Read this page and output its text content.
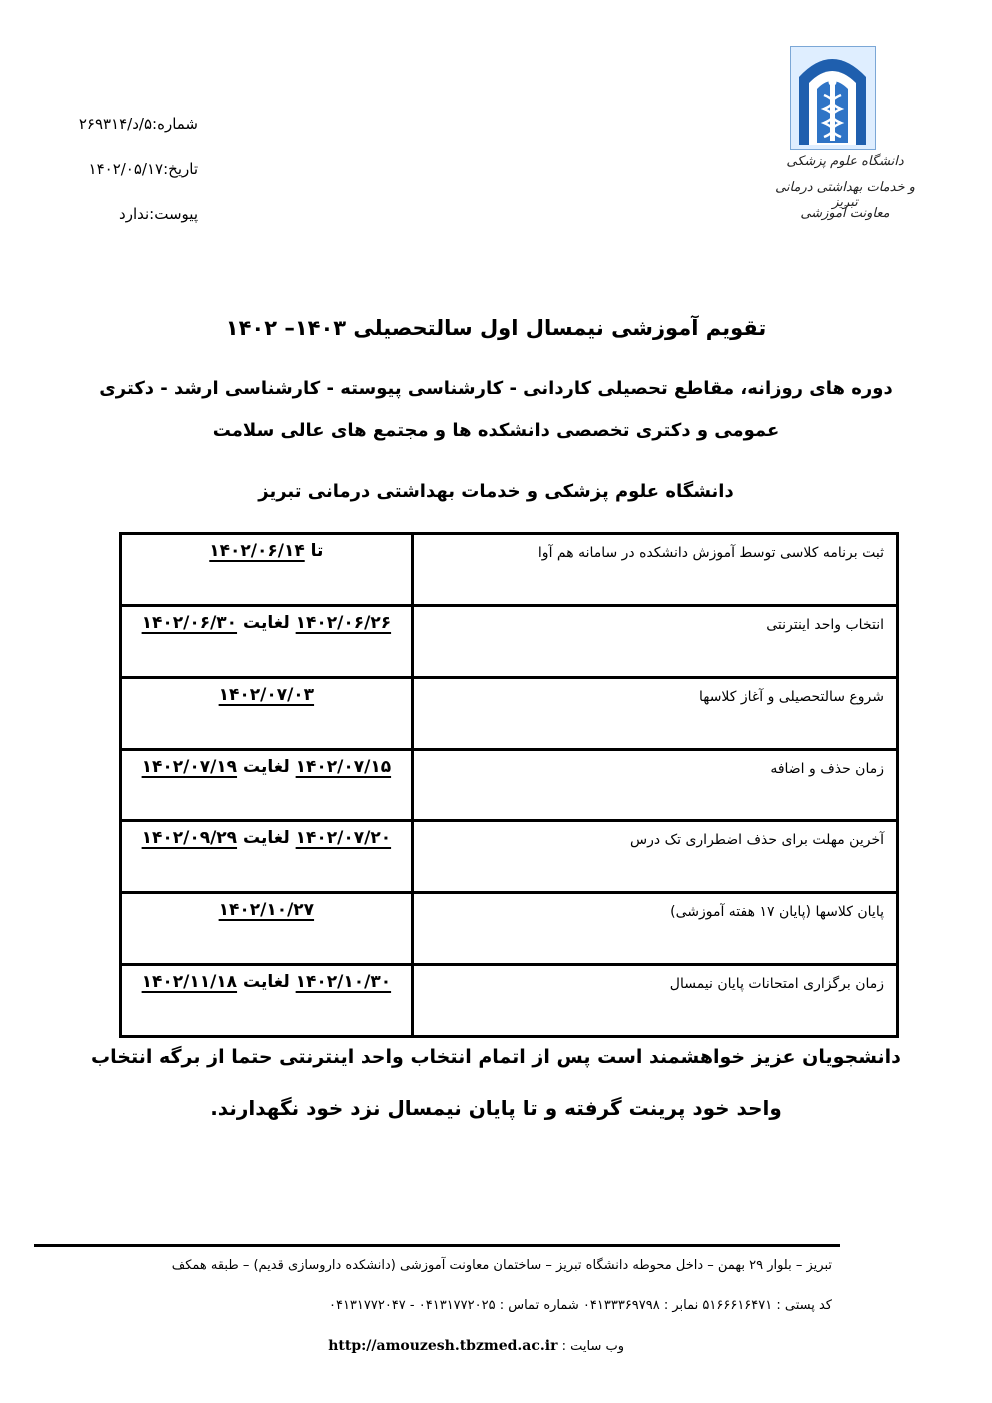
شماره:۵/د/۲۶۹۳۱۴
تاریخ:۱۴۰۲/۰۵/۱۷
پیوست:ندارد
دانشگاه علوم پزشکی
و خدمات بهداشتی درمانی تبریز
معاونت آموزشی
تقویم آموزشی نیمسال اول سالتحصیلی ۱۴۰۳– ۱۴۰۲
دوره های روزانه، مقاطع تحصیلی کاردانی - کارشناسی پیوسته - کارشناسی ارشد - دکتری
عمومی و دکتری تخصصی دانشکده ها و مجتمع های عالی سلامت
دانشگاه علوم پزشکی و خدمات بهداشتی درمانی تبریز
ثبت برنامه کلاسی توسط آموزش دانشکده در سامانه هم آوا	تا ۱۴۰۲/۰۶/۱۴
انتخاب واحد اینترنتی	۱۴۰۲/۰۶/۲۶ لغایت ۱۴۰۲/۰۶/۳۰
شروع سالتحصیلی و آغاز کلاسها	۱۴۰۲/۰۷/۰۳
زمان حذف و اضافه	۱۴۰۲/۰۷/۱۵ لغایت ۱۴۰۲/۰۷/۱۹
آخرین مهلت برای حذف اضطراری تک درس	۱۴۰۲/۰۷/۲۰ لغایت ۱۴۰۲/۰۹/۲۹
پایان کلاسها (پایان ۱۷ هفته آموزشی)	۱۴۰۲/۱۰/۲۷
زمان برگزاری امتحانات پایان نیمسال	۱۴۰۲/۱۰/۳۰ لغایت ۱۴۰۲/۱۱/۱۸
دانشجویان عزیز خواهشمند است پس از اتمام انتخاب واحد اینترنتی حتما از برگه انتخاب
واحد خود پرینت گرفته و تا پایان نیمسال نزد خود نگهدارند.
تبریز – بلوار ۲۹ بهمن – داخل محوطه دانشگاه تبریز – ساختمان معاونت آموزشی (دانشکده داروسازی قدیم) – طبقه همکف
کد پستی : ۵۱۶۶۶۱۶۴۷۱ نمابر : ۰۴۱۳۳۳۶۹۷۹۸ شماره تماس : ۰۴۱۳۱۷۷۲۰۲۵ - ۰۴۱۳۱۷۷۲۰۴۷
وب سایت : http://amouzesh.tbzmed.ac.ir
